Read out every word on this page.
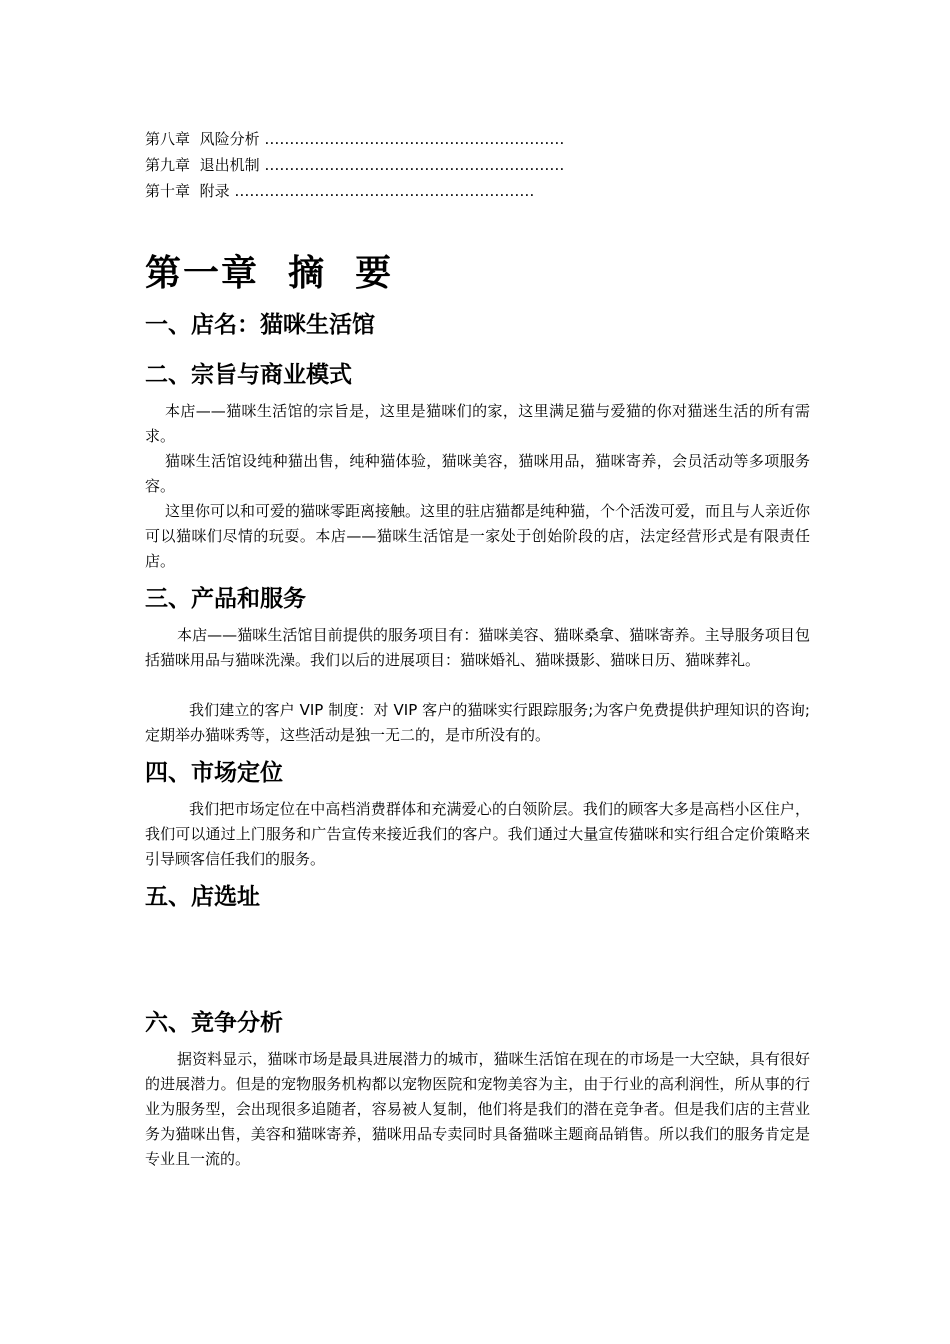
第八章 风险分析 ……………………………………………………
第九章 退出机制 ……………………………………………………
第十章 附录 ……………………………………………………
第一章  摘  要
一、店名：猫咪生活馆
二、宗旨与商业模式
本店——猫咪生活馆的宗旨是，这里是猫咪们的家，这里满足猫与爱猫的你对猫迷生活的所有需求。
猫咪生活馆设纯种猫出售，纯种猫体验，猫咪美容，猫咪用品，猫咪寄养，会员活动等多项服务容。
这里你可以和可爱的猫咪零距离接触。这里的驻店猫都是纯种猫，个个活泼可爱，而且与人亲近你可以猫咪们尽情的玩耍。本店——猫咪生活馆是一家处于创始阶段的店，法定经营形式是有限责任店。
三、产品和服务
本店——猫咪生活馆目前提供的服务项目有：猫咪美容、猫咪桑拿、猫咪寄养。主导服务项目包括猫咪用品与猫咪洗澡。我们以后的进展项目：猫咪婚礼、猫咪摄影、猫咪日历、猫咪葬礼。
我们建立的客户 VIP 制度：对 VIP 客户的猫咪实行跟踪服务;为客户免费提供护理知识的咨询;定期举办猫咪秀等，这些活动是独一无二的，是市所没有的。
四、市场定位
我们把市场定位在中高档消费群体和充满爱心的白领阶层。我们的顾客大多是高档小区住户，我们可以通过上门服务和广告宣传来接近我们的客户。我们通过大量宣传猫咪和实行组合定价策略来引导顾客信任我们的服务。
五、店选址
六、竞争分析
据资料显示，猫咪市场是最具进展潜力的城市，猫咪生活馆在现在的市场是一大空缺，具有很好的进展潜力。但是的宠物服务机构都以宠物医院和宠物美容为主，由于行业的高利润性，所从事的行业为服务型，会出现很多追随者，容易被人复制，他们将是我们的潜在竞争者。但是我们店的主营业务为猫咪出售，美容和猫咪寄养，猫咪用品专卖同时具备猫咪主题商品销售。所以我们的服务肯定是专业且一流的。
